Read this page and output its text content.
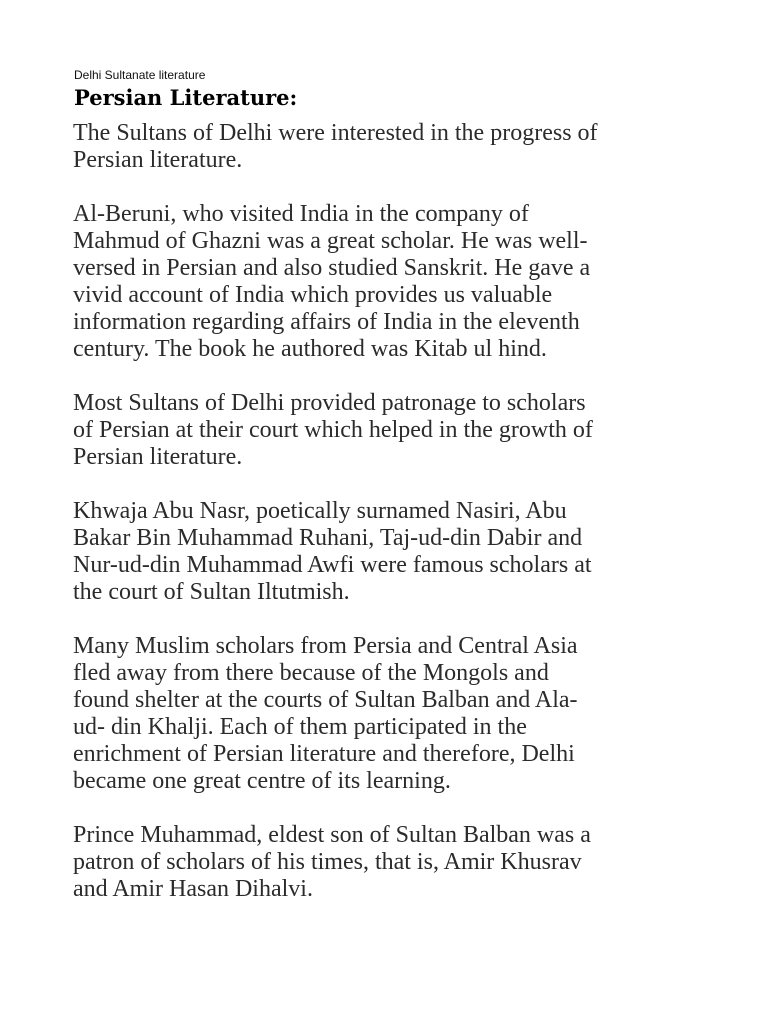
Delhi Sultanate literature
Persian Literature:

The Sultans of Delhi were interested in the progress of
Persian literature.

Al-Beruni, who visited India in the company of
Mahmud of Ghazni was a great scholar. He was well-
versed in Persian and also studied Sanskrit. He gave a
vivid account of India which provides us valuable
information regarding affairs of India in the eleventh
century. The book he authored was Kitab ul hind.

Most Sultans of Delhi provided patronage to scholars
of Persian at their court which helped in the growth of
Persian literature.

Khwaja Abu Nasr, poetically surnamed Nasiri, Abu
Bakar Bin Muhammad Ruhani, Taj-ud-din Dabir and
Nur-ud-din Muhammad Awfi were famous scholars at
the court of Sultan Iltutmish.

Many Muslim scholars from Persia and Central Asia
fled away from there because of the Mongols and
found shelter at the courts of Sultan Balban and Ala-
ud- din Khalji. Each of them participated in the
enrichment of Persian literature and therefore, Delhi
became one great centre of its learning.

Prince Muhammad, eldest son of Sultan Balban was a
patron of scholars of his times, that is, Amir Khusrav
and Amir Hasan Dihalvi.
